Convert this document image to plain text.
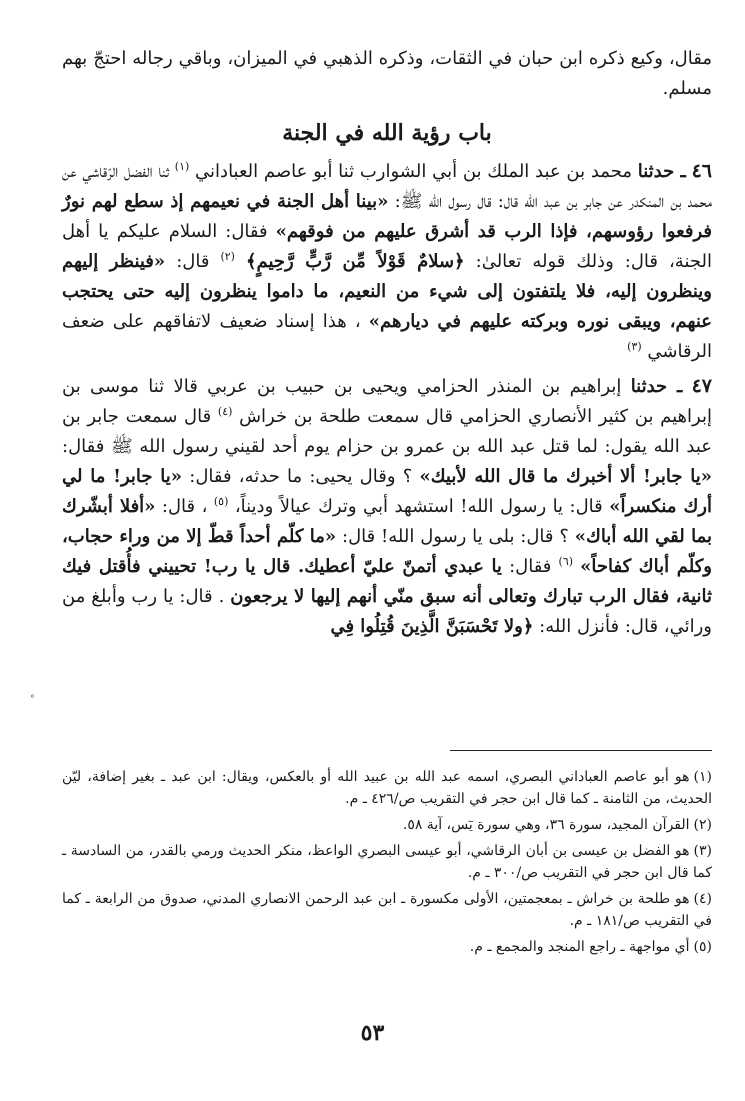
مقال، وكيع ذكره ابن حبان في الثقات، وذكره الذهبي في الميزان، وباقي رجاله احتجّ بهم مسلم.

باب رؤية الله في الجنة

٤٦ ـ حدثنا محمد بن عبد الملك بن أبي الشوارب ثنا أبو عاصم العباداني $^{(١)}$ ثنا الفضل الرّقاشي عن محمد بن المنكدر عن جابر بن عبد الله قال: قال رسول الله ﷺ: «بينا أهل الجنة في نعيمهم إذ سطع لهم نورٌ فرفعوا رؤوسهم، فإذا الرب قد أشرق عليهم من فوقهم» فقال: السلام عليكم يا أهل الجنة، قال: وذلك قوله تعالىٰ: ﴿سلامٌ قَوْلاً مِّن رَّبٍّ رَّحِيمٍ﴾ $^{(٢)}$ قال: «فينظر إليهم وينظرون إليه، فلا يلتفتون إلى شيء من النعيم، ما داموا ينظرون إليه حتى يحتجب عنهم، ويبقى نوره وبركته عليهم في ديارهم» ، هذا إسناد ضعيف لاتفاقهم على ضعف الرقاشي $^{(٣)}$

٤٧ ـ حدثنا إبراهيم بن المنذر الحزامي ويحيى بن حبيب بن عربي قالا ثنا موسى بن إبراهيم بن كثير الأنصاري الحزامي قال سمعت طلحة بن خراش $^{(٤)}$ قال سمعت جابر بن عبد الله يقول: لما قتل عبد الله بن عمرو بن حزام يوم أحد لقيني رسول الله ﷺ فقال: «يا جابر! ألا أخبرك ما قال الله لأبيك» ؟ وقال يحيى: ما حدثه، فقال: «يا جابر! ما لي أرك منكسراً» قال: يا رسول الله! استشهد أبي وترك عيالاً وديناً، $^{(٥)}$ ، قال: «أفلا أبشّرك بما لقي الله أباك» ؟ قال: بلى يا رسول الله! قال: «ما كلّم أحداً قطّ إلا من وراء حجاب، وكلّم أباك كفاحاً» $^{(٦)}$ فقال: يا عبدي أتمنّ عليّ أعطيك. قال يا رب! تحييني فأُقتل فيك ثانية، فقال الرب تبارك وتعالى أنه سبق منّي أنهم إليها لا يرجعون . قال: يا رب وأبلغ من ورائي، قال: فأنزل الله: ﴿ولا تَحْسَبَنَّ الَّذِينَ قُتِلُوا فِي

°

(١)هو أبو عاصم العباداني البصري، اسمه عبد الله بن عبيد الله أو بالعكس، ويقال: ابن عبد ـ بغير إضافة، ليّن الحديث، من الثامنة ـ كما قال ابن حجر في التقريب ص/٤٢٦ ـ م.

(٢)القرآن المجيد، سورة ٣٦، وهي سورة يٓس، آية ٥٨.

(٣)هو الفضل بن عيسى بن أبان الرقاشي، أبو عيسى البصري الواعظ، منكر الحديث ورمي بالقدر، من السادسة ـ كما قال ابن حجر في التقريب ص/٣٠٠ ـ م.

(٤)هو طلحة بن خراش ـ بمعجمتين، الأولى مكسورة ـ ابن عبد الرحمن الانصاري المدني، صدوق من الرابعة ـ كما في التقريب ص/١٨١ ـ م.

(٥)أي مواجهة ـ راجع المنجد والمجمع ـ م.

٥٣
